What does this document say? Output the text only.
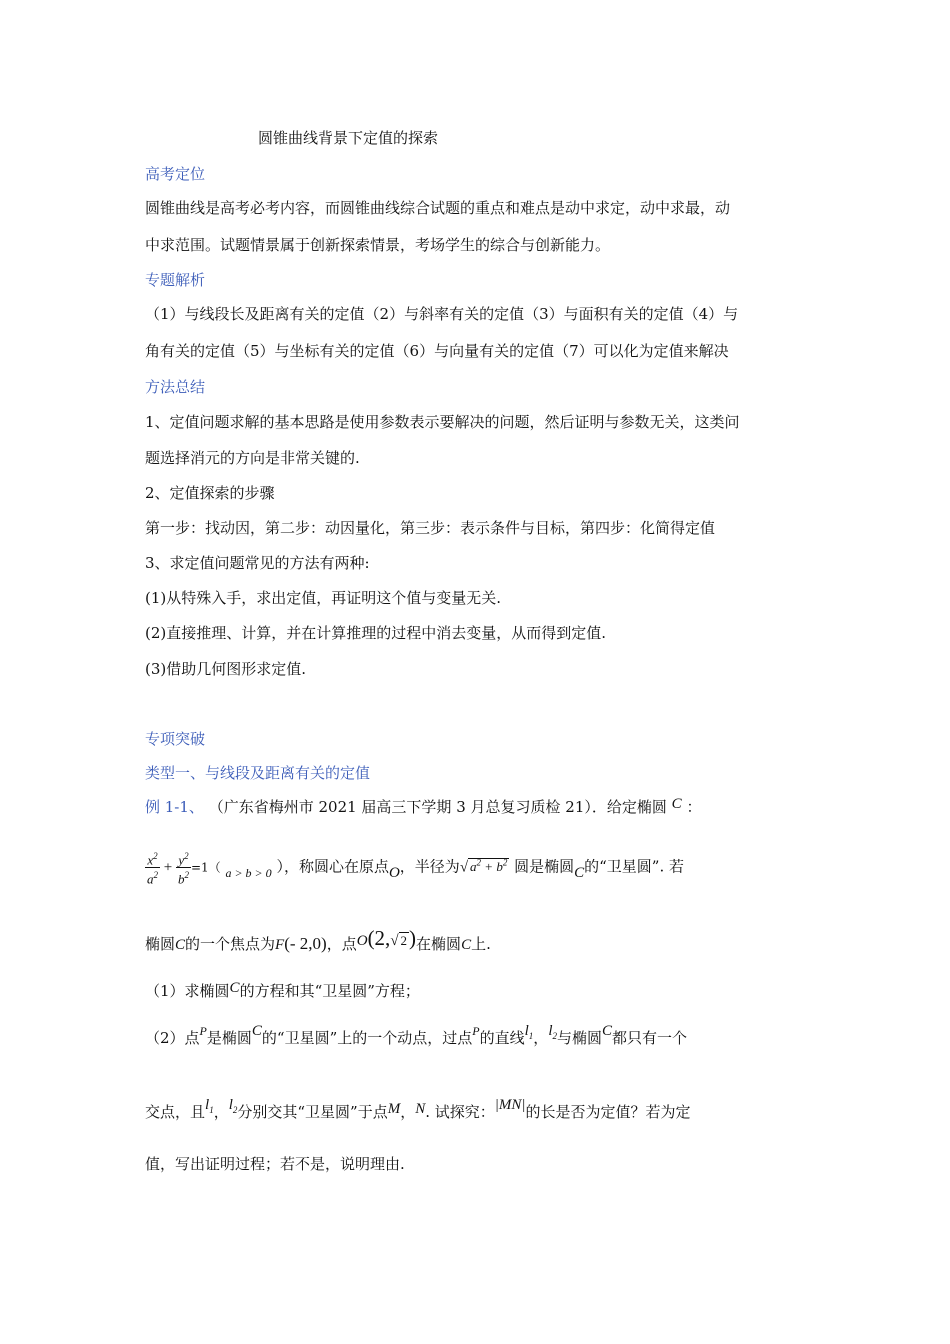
圆锥曲线背景下定值的探索
高考定位
圆锥曲线是高考必考内容，而圆锥曲线综合试题的重点和难点是动中求定，动中求最，动
中求范围。试题情景属于创新探索情景，考场学生的综合与创新能力。
专题解析
（1）与线段长及距离有关的定值（2）与斜率有关的定值（3）与面积有关的定值（4）与
角有关的定值（5）与坐标有关的定值（6）与向量有关的定值（7）可以化为定值来解决
方法总结
1、定值问题求解的基本思路是使用参数表示要解决的问题，然后证明与参数无关，这类问
题选择消元的方向是非常关键的.
2、定值探索的步骤
第一步：找动因，第二步：动因量化，第三步：表示条件与目标，第四步：化简得定值
3、求定值问题常见的方法有两种:
(1)从特殊入手，求出定值，再证明这个值与变量无关.
(2)直接推理、计算，并在计算推理的过程中消去变量，从而得到定值.
(3)借助几何图形求定值.
专项突破
类型一、与线段及距离有关的定值
例 1-1、 （广东省梅州市 2021 届高三下学期 3 月总复习质检 21）．给定椭圆 C ：
$\frac{x^2}{a^2} + \frac{y^2}{b^2} =1$（ $_{a > b > 0}$ ），称圆心在原点O，半径为√ $a^2 + b^2$ 圆是椭圆C的“卫星圆”. 若
椭圆C的一个焦点为F(- 2,0)，点O(2,√ 2)在椭圆C上.
（1）求椭圆C的方程和其“卫星圆”方程；
（2）点$^P$是椭圆C的“卫星圆”上的一个动点，过点$^P$的直线$l_1$，$l_2$与椭圆C都只有一个
交点，且$l_1$，$l_2$分别交其“卫星圆”于点M，N. 试探究：|MN|的长是否为定值？若为定
值，写出证明过程；若不是，说明理由.
